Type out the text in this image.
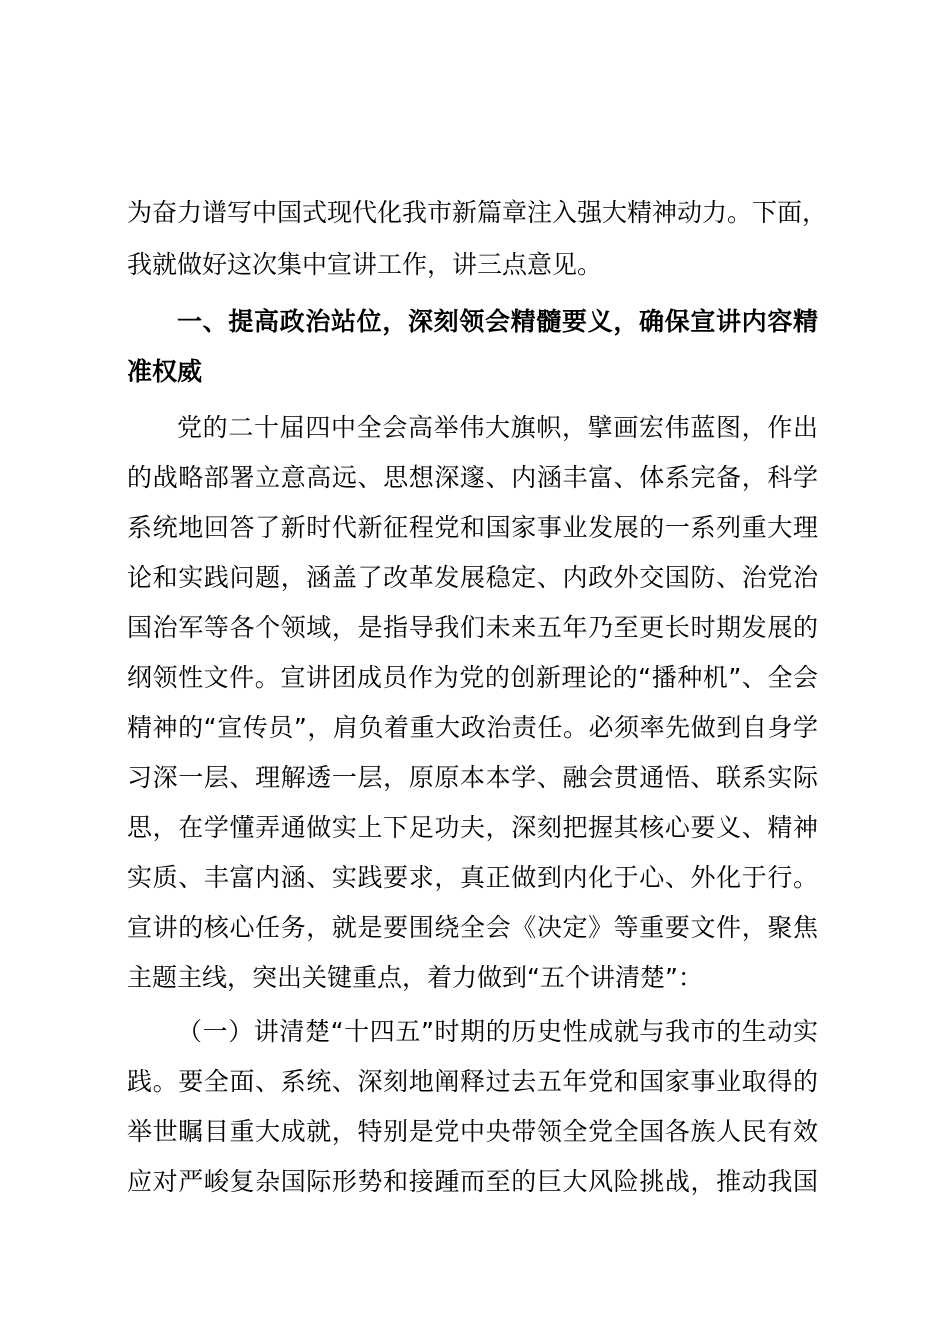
为奋力谱写中国式现代化我市新篇章注入强大精神动力。下面，
我就做好这次集中宣讲工作，讲三点意见。
一、提高政治站位，深刻领会精髓要义，确保宣讲内容精
准权威
党的二十届四中全会高举伟大旗帜，擘画宏伟蓝图，作出
的战略部署立意高远、思想深邃、内涵丰富、体系完备，科学
系统地回答了新时代新征程党和国家事业发展的一系列重大理
论和实践问题，涵盖了改革发展稳定、内政外交国防、治党治
国治军等各个领域，是指导我们未来五年乃至更长时期发展的
纲领性文件。宣讲团成员作为党的创新理论的“播种机”、全会
精神的“宣传员”，肩负着重大政治责任。必须率先做到自身学
习深一层、理解透一层，原原本本学、融会贯通悟、联系实际
思，在学懂弄通做实上下足功夫，深刻把握其核心要义、精神
实质、丰富内涵、实践要求，真正做到内化于心、外化于行。
宣讲的核心任务，就是要围绕全会《决定》等重要文件，聚焦
主题主线，突出关键重点，着力做到“五个讲清楚”：
（一）讲清楚“十四五”时期的历史性成就与我市的生动实
践。要全面、系统、深刻地阐释过去五年党和国家事业取得的
举世瞩目重大成就，特别是党中央带领全党全国各族人民有效
应对严峻复杂国际形势和接踵而至的巨大风险挑战，推动我国
